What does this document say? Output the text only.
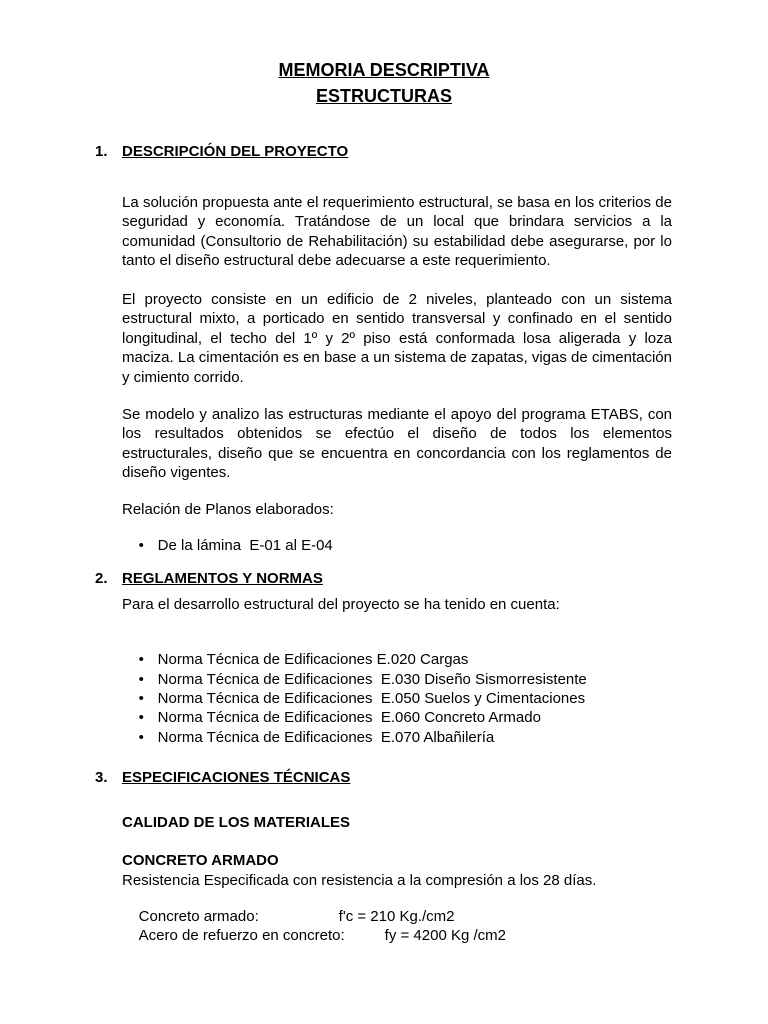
MEMORIA DESCRIPTIVA
ESTRUCTURAS
1. DESCRIPCIÓN DEL PROYECTO

La solución propuesta ante el requerimiento estructural, se basa en los criterios de seguridad y economía. Tratándose de un local que brindara servicios a la comunidad (Consultorio de Rehabilitación) su estabilidad debe asegurarse, por lo tanto el diseño estructural debe adecuarse a este requerimiento.

El proyecto consiste en un edificio de 2 niveles, planteado con un sistema estructural mixto, a porticado en sentido transversal y confinado en el sentido longitudinal, el techo del 1º y 2º piso está conformada losa aligerada y loza maciza. La cimentación es en base a un sistema de zapatas, vigas de cimentación y cimiento corrido.

Se modelo y analizo las estructuras mediante el apoyo del programa ETABS, con los resultados obtenidos se efectúo el diseño de todos los elementos estructurales, diseño que se encuentra en concordancia con los reglamentos de diseño vigentes.

Relación de Planos elaborados:

• De la lámina  E-01 al E-04

2. REGLAMENTOS Y NORMAS
Para el desarrollo estructural del proyecto se ha tenido en cuenta:

• Norma Técnica de Edificaciones E.020 Cargas

• Norma Técnica de Edificaciones  E.030 Diseño Sismorresistente

• Norma Técnica de Edificaciones  E.050 Suelos y Cimentaciones

• Norma Técnica de Edificaciones  E.060 Concreto Armado

• Norma Técnica de Edificaciones  E.070 Albañilería

3. ESPECIFICACIONES TÉCNICAS
CALIDAD DE LOS MATERIALES
CONCRETO ARMADO
Resistencia Especificada con resistencia a la compresión a los 28 días.

Concreto armado:	f'c = 210 Kg./cm2

Acero de refuerzo en concreto:	fy = 4200 Kg /cm2
